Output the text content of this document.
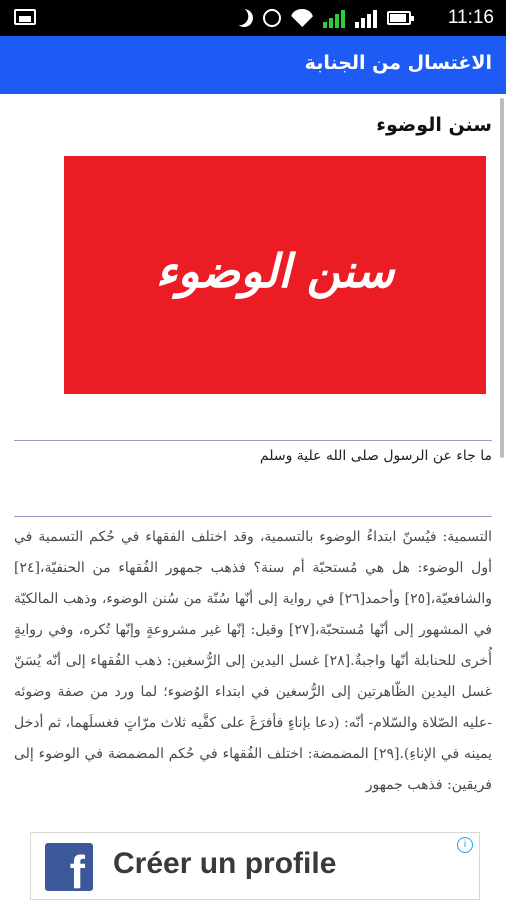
11:16
الاغتسال من الجنابة
سنن الوضوء
سنن الوضوء
ما جاء عن الرسول صلى الله علية وسلم
التسمية: فيُسنّ ابتداءُ الوضوء بالتسمية، وقد اختلف الفقهاء في حُكم التسمية في أول الوضوء: هل هي مُستحبّة أم سنة؟ فذهب جمهور الفُقهاء من الحنفيّة،[٢٤] والشافعيّة،[٢٥] وأحمد[٢٦] في رواية إلى أنّها سُنّة من سُنن الوضوء، وذهب المالكيّة في المشهور إلى أنّها مُستحبّة،[٢٧] وقيل: إنّها غير مشروعةٍ وإنّها تُكره، وفي روايةٍ أُخرى للحنابلة أنّها واجبةٌ.[٢٨] غسل اليدين إلى الرُّسغين: ذهب الفُقهاء إلى أنّه يُسَنّ غسل اليدين الظّاهرتين إلى الرُّسغين في ابتداء الوُضوء؛ لما ورد من صفة وضوئه -عليه الصّلاة والسّلام- أنّه: (دعا بإناءٍ فأفرَغَ على كفَّيه ثلاث مرّاتٍ فغسلَهما، ثم أدخل يمينه في الإناءِ).[٢٩] المضمضة: اختلف الفُقهاء في حُكم المضمضة في الوضوء إلى فريقين: فذهب جمهور
f Créer un profile
i
